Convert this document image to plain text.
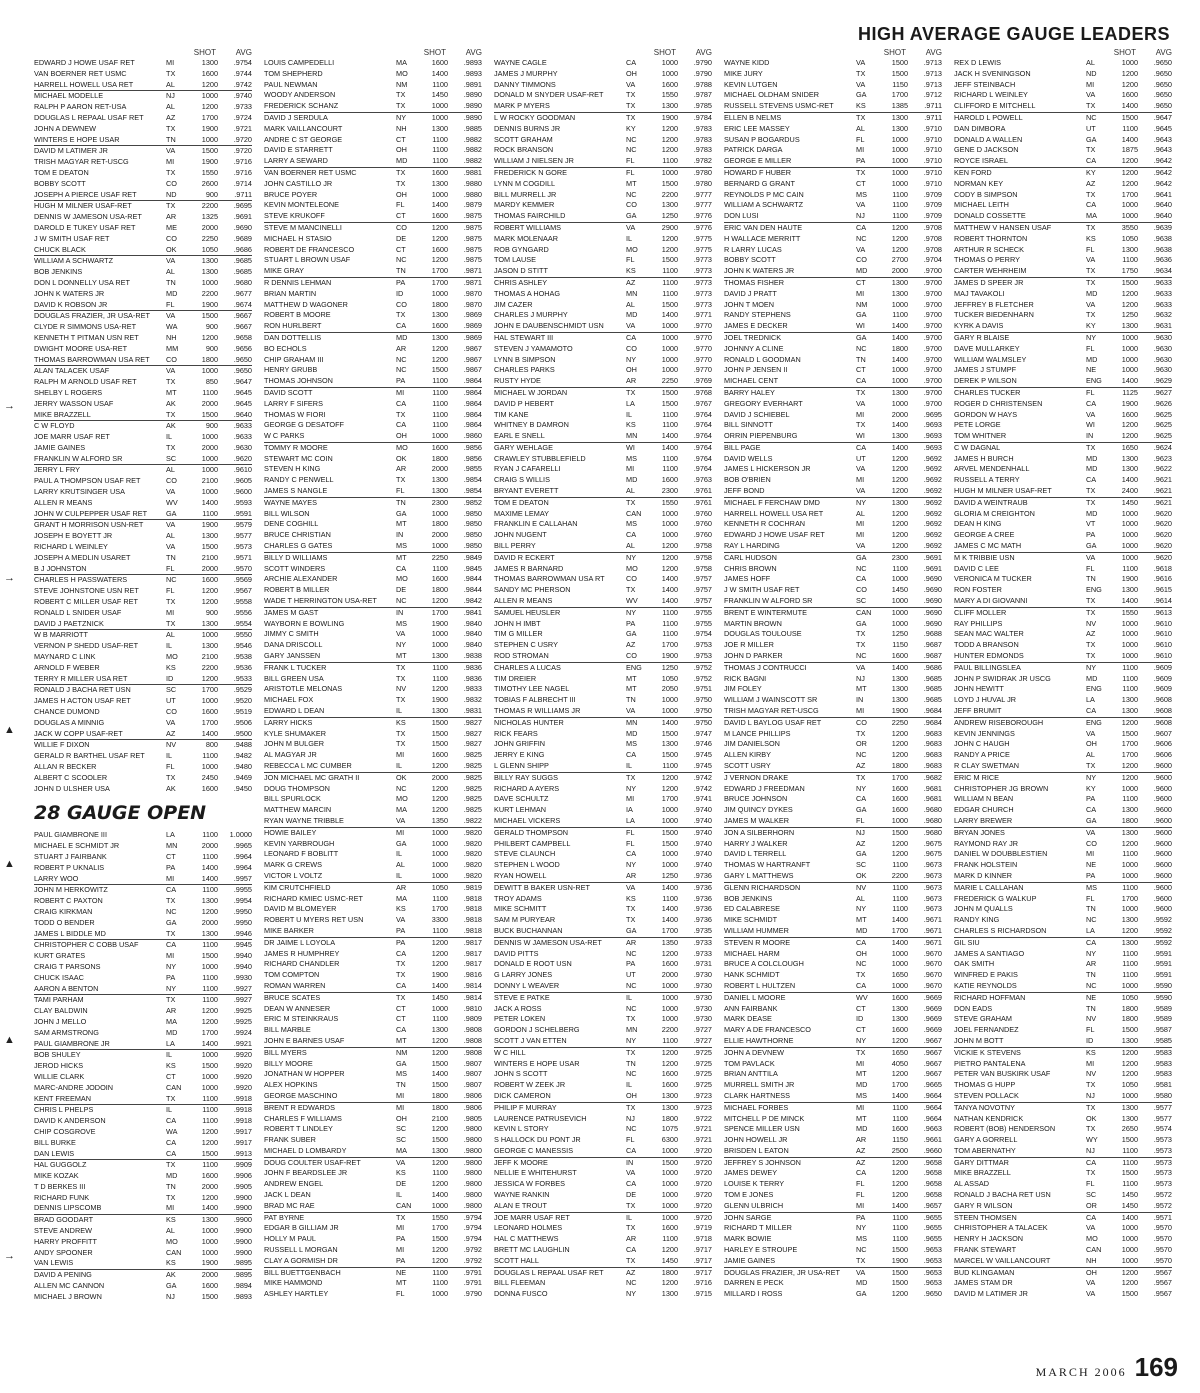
HIGH AVERAGE GAUGE LEADERS
→
→
▲
▲
▲
→
SHOT	AVG
EDWARD J HOWE USAF RET	MI	1300	.9754
VAN BOERNER RET USMC	TX	1600	.9744
HARRELL HOWELL USA RET	AL	1200	.9742
MICHAEL MODELLE	NJ	1000	.9740
RALPH P AARON RET-USA	AL	1200	.9733
DOUGLAS L REPAAL USAF RET	AZ	1700	.9724
JOHN A DEWNEW	TX	1900	.9721
WINTERS E HOPE USAR	TN	1000	.9720
DAVID M LATIMER JR	VA	1500	.9720
TRISH MAGYAR RET-USCG	MI	1900	.9716
TOM E DEATON	TX	1550	.9716
BOBBY SCOTT	CO	2600	.9714
JOSEPH A PIERCE USAF RET	ND	900	.9711
HUGH M MILNER USAF-RET	TX	2200	.9695
DENNIS W JAMESON USA-RET	AR	1325	.9691
DAROLD E TUKEY USAF RET	ME	2000	.9690
J W SMITH USAF RET	CO	2250	.9689
CHUCK BLACK	OK	1050	.9686
WILLIAM A SCHWARTZ	VA	1300	.9685
BOB JENKINS	AL	1300	.9685
DON L DONNELLY USA RET	TN	1000	.9680
JOHN K WATERS JR	MD	2200	.9677
DAVID K ROBSON JR	FL	1900	.9674
DOUGLAS FRAZIER, JR USA-RET	VA	1500	.9667
CLYDE R SIMMONS USA-RET	WA	900	.9667
KENNETH T PITMAN USN RET	NH	1200	.9658
DWIGHT MOORE USA-RET	MM	900	.9656
THOMAS BARROWMAN USA RET	CO	1800	.9650
ALAN TALACEK USAF	VA	1000	.9650
RALPH M ARNOLD USAF RET	TX	850	.9647
SHELBY L ROGERS	MT	1100	.9645
JERRY WASSON USAF	AK	2000	.9645
MIKE BRAZZELL	TX	1500	.9640
C W FLOYD	AK	900	.9633
JOE MARR USAF RET	IL	1000	.9633
JAMIE GAINES	TX	2000	.9630
FRANKLIN W ALFORD SR	SC	1000	.9620
JERRY L FRY	AL	1000	.9610
PAUL A THOMPSON USAF RET	CO	2100	.9605
LARRY KRUTSINGER USA	VA	1000	.9600
ALLEN R MEANS	WV	1400	.9593
JOHN W CULPEPPER USAF RET	GA	1100	.9591
GRANT H MORRISON USN-RET	VA	1900	.9579
JOSEPH E BOYETT JR	AL	1300	.9577
RICHARD L WEINLEY	VA	1500	.9573
JOSEPH A MEDLIN USARET	TN	2100	.9571
B J JOHNSTON	FL	2000	.9570
CHARLES H PASSWATERS	NC	1600	.9569
STEVE JOHNSTONE USN RET	FL	1200	.9567
ROBERT C MILLER USAF RET	TX	1200	.9558
RONALD L SNIDER USAF	MI	900	.9556
DAVID J PAETZNICK	TX	1300	.9554
W B MARRIOTT	AL	1000	.9550
VERNON P SHEDD USAF-RET	IL	1300	.9546
MAYNARD C LINK	MO	2100	.9538
ARNOLD F WEBER	KS	2200	.9536
TERRY R MILLER USA RET	ID	1200	.9533
RONALD J BACHA RET USN	SC	1700	.9529
JAMES H ACTON USAF RET	UT	1000	.9520
CHANCE DUMOND	CO	1600	.9519
DOUGLAS A MINNIG	VA	1700	.9506
JACK W COPP USAF-RET	AZ	1400	.9500
WILLIE F DIXON	NV	800	.9488
GERALD R BARTHEL USAF RET	IL	1100	.9482
ALLAN R BECKER	FL	1000	.9480
ALBERT C SCOOLER	TX	2450	.9469
JOHN D ULSHER USA	AK	1600	.9450
28 GAUGE OPEN
PAUL GIAMBRONE III	LA	1100	1.0000
MICHAEL E SCHMIDT JR	MN	2000	.9965
STUART J FAIRBANK	CT	1100	.9964
ROBERT P UKNALIS	PA	1400	.9964
LARRY WOO	MI	1400	.9957
JOHN M HERKOWITZ	CA	1100	.9955
ROBERT C PAXTON	TX	1300	.9954
CRAIG KIRKMAN	NC	1200	.9950
TODD O BENDER	GA	2000	.9950
JAMES L BIDDLE MD	TX	1300	.9946
CHRISTOPHER C COBB USAF	CA	1100	.9945
KURT GRATES	MI	1500	.9940
CRAIG T PARSONS	NY	1000	.9940
CHUCK ISAAC	PA	1100	.9930
AARON A BENTON	NY	1100	.9927
TAMI PARHAM	TX	1100	.9927
CLAY BALDWIN	AR	1200	.9925
JOHN J MELLO	MA	1200	.9925
SAM ARMSTRONG	MD	1700	.9924
PAUL GIAMBRONE JR	LA	1400	.9921
BOB SHULEY	IL	1000	.9920
JEROD HICKS	KS	1500	.9920
WILLIE CLARK	CT	1000	.9920
MARC-ANDRE JODOIN	CAN	1000	.9920
KENT FREEMAN	TX	1100	.9918
CHRIS L PHELPS	IL	1100	.9918
DAVID K ANDERSON	CA	1100	.9918
CHIP COSGROVE	WA	1200	.9917
BILL BURKE	CA	1200	.9917
DAN LEWIS	CA	1500	.9913
HAL GUGGOLZ	TX	1100	.9909
MIKE KOZAK	MD	1600	.9906
T D BERKES III	TN	2000	.9905
RICHARD FUNK	TX	1200	.9900
DENNIS LIPSCOMB	MI	1400	.9900
BRAD GOODART	KS	1300	.9900
STEVE ANDREW	AL	1000	.9900
HARRY PROFFITT	MO	1000	.9900
ANDY SPOONER	CAN	1000	.9900
VAN LEWIS	KS	1900	.9895
DAVID A PENING	AK	2000	.9895
ALLEN MC CANNON	GA	1600	.9894
MICHAEL J BROWN	NJ	1500	.9893
SHOT	AVG
LOUIS CAMPEDELLI	MA	1600	.9893
TOM SHEPHERD	MO	1400	.9893
PAUL NEWMAN	NM	1100	.9891
WOODY ANDERSON	TX	1450	.9890
FREDERICK SCHANZ	TX	1000	.9890
DAVID J SERDULA	NY	1000	.9890
MARK VAILLANCOURT	NH	1300	.9885
ANDRE C ST GEORGE	CT	1100	.9882
DAVID E STARRETT	OH	1100	.9882
LARRY A SEWARD	MD	1100	.9882
VAN BOERNER RET USMC	TX	1600	.9881
JOHN CASTILLO JR	TX	1300	.9880
BRUCE POYER	OH	1000	.9880
KEVIN MONTELEONE	FL	1400	.9879
STEVE KRUKOFF	CT	1600	.9875
STEVE M MANCINELLI	CO	1200	.9875
MICHAEL H STASIO	DE	1200	.9875
ROBERT DE FRANCESCO	CT	1600	.9875
STUART L BROWN USAF	NC	1200	.9875
MIKE GRAY	TN	1700	.9871
R DENNIS LEHMAN	PA	1700	.9871
BRIAN MARTIN	ID	1000	.9870
MATTHEW D WAGONER	CO	1800	.9870
ROBERT B MOORE	TX	1300	.9869
RON HURLBERT	CA	1600	.9869
DAN DOTTELLIS	MD	1300	.9869
BO ECHOLS	AR	1200	.9867
CHIP GRAHAM III	NC	1200	.9867
HENRY GRUBB	NC	1500	.9867
THOMAS JOHNSON	PA	1100	.9864
DAVID SCOTT	MI	1100	.9864
LARRY F SIFERS	CA	1100	.9864
THOMAS W FIORI	TX	1100	.9864
GEORGE G DESATOFF	CA	1100	.9864
W C PARKS	OH	1000	.9860
TOMMY R MOORE	MO	1600	.9856
STEWART MC COIN	OK	1800	.9856
STEVEN H KING	AR	2000	.9855
RANDY C PENWELL	TX	1300	.9854
JAMES S NANGLE	FL	1300	.9854
WAYNE MAYES	TN	2300	.9852
BILL WILSON	GA	1000	.9850
DENE COGHILL	MT	1800	.9850
BRUCE CHRISTIAN	IN	2000	.9850
CHARLES G GATES	MS	1000	.9850
BILLY D WILLIAMS	MT	2250	.9849
SCOTT WINDERS	CA	1100	.9845
ARCHIE ALEXANDER	MO	1600	.9844
ROBERT B MILLER	DE	1800	.9844
WADE T HERRINGTON USA-RET	NC	1200	.9842
JAMES M GAST	IN	1700	.9841
WAYBORN E BOWLING	MS	1900	.9840
JIMMY C SMITH	VA	1000	.9840
DANA DRISCOLL	NY	1000	.9840
GARY JANSSEN	MT	1300	.9838
FRANK L TUCKER	TX	1100	.9836
BILL GREEN USA	TX	1100	.9836
ARISTOTLE MELONAS	NV	1200	.9833
MICHAEL FOX	TX	1900	.9832
EDWARD L DEAN	IL	1300	.9831
LARRY HICKS	KS	1500	.9827
KYLE SHUMAKER	TX	1500	.9827
JOHN M BULGER	TX	1500	.9827
AL MAGYAR JR	MI	1600	.9825
REBECCA L MC CUMBER	IL	1200	.9825
JON MICHAEL MC GRATH II	OK	2000	.9825
DOUG THOMPSON	NC	1200	.9825
BILL SPURLOCK	MO	1200	.9825
MATTHEW MARCIN	MA	1200	.9825
RYAN WAYNE TRIBBLE	VA	1350	.9822
HOWIE BAILEY	MI	1000	.9820
KEVIN YARBROUGH	GA	1000	.9820
LEONARD F BOBLITT	IL	1000	.9820
MARK G CREWS	AL	1000	.9820
VICTOR L VOLTZ	IL	1000	.9820
KIM CRUTCHFIELD	AR	1050	.9819
RICHARD KMIEC USMC-RET	MA	1100	.9818
DAVID M BLOMEYER	KS	1700	.9818
ROBERT U MYERS RET USN	VA	3300	.9818
MIKE BARKER	PA	1100	.9818
DR JAIME L LOYOLA	PA	1200	.9817
JAMES R HUMPHREY	CA	1200	.9817
RICHARD CHANDLER	TX	1200	.9817
TOM COMPTON	TX	1900	.9816
ROMAN WARREN	CA	1400	.9814
BRUCE SCATES	TX	1450	.9814
DEAN W ANNESER	CT	1000	.9810
ERIC M STEINKRAUS	CT	1100	.9809
BILL MARBLE	CA	1300	.9808
JOHN E BARNES USAF	MT	1200	.9808
BILL MYERS	NM	1200	.9808
BILLY MOORE	GA	1500	.9807
JONATHAN W HOPPER	MS	1400	.9807
ALEX HOPKINS	TN	1500	.9807
GEORGE MASCHINO	MI	1800	.9806
BRENT R EDWARDS	MI	1800	.9806
CHARLES F WILLIAMS	OH	2100	.9805
ROBERT T LINDLEY	SC	1200	.9800
FRANK SUBER	SC	1500	.9800
MICHAEL D LOMBARDY	MA	1300	.9800
DOUG COULTER USAF-RET	VA	1200	.9800
JOHN F BEARDSLEE JR	KS	1100	.9800
ANDREW ENGEL	DE	1200	.9800
JACK L DEAN	IL	1400	.9800
BRAD MC RAE	CAN	1000	.9800
PAT BYRNE	TX	1550	.9794
EDGAR B GILLIAM JR	MI	1700	.9794
HOLLY M PAUL	PA	1500	.9794
RUSSELL L MORGAN	MI	1200	.9792
CLAY A GORMISH DR	PA	1200	.9792
BILL BUETTGENBACH	NE	1100	.9791
MIKE HAMMOND	MT	1100	.9791
ASHLEY HARTLEY	FL	1000	.9790
SHOT	AVG
WAYNE CAGLE	CA	1000	.9790
JAMES J MURPHY	OH	1000	.9790
DANNY TIMMONS	VA	1600	.9788
DONALD M SNYDER USAF-RET	TX	1550	.9787
MARK P MYERS	TX	1300	.9785
L W ROCKY GOODMAN	TX	1900	.9784
DENNIS BURNS JR	KY	1200	.9783
SCOTT GRAHAM	NC	1200	.9783
ROCK BRANSON	NC	1200	.9783
WILLIAM J NIELSEN JR	FL	1100	.9782
FREDERICK N GORE	FL	1000	.9780
LYNN M COGDILL	MT	1500	.9780
BILL MURRELL JR	NC	2200	.9777
MARDY KEMMER	CO	1300	.9777
THOMAS FAIRCHILD	GA	1250	.9776
ROBERT WILLIAMS	VA	2900	.9776
MARK MOLENAAR	IL	1200	.9775
ROB GYNGARD	MO	1200	.9775
TOM LAUSE	FL	1500	.9773
JASON D STITT	KS	1100	.9773
CHRIS ASHLEY	AZ	1100	.9773
THOMAS A HOHAG	MN	1100	.9773
JIM CAZER	AL	1500	.9773
CHARLES J MURPHY	MD	1400	.9771
JOHN E DAUBENSCHMIDT USN	VA	1000	.9770
HAL STEWART III	CA	1000	.9770
STEVEN J YAMAMOTO	CO	1000	.9770
LYNN B SIMPSON	NY	1000	.9770
CHARLES PARKS	OH	1000	.9770
RUSTY HYDE	AR	2250	.9769
MICHAEL W JORDAN	TX	1500	.9768
DAVID P HEBERT	LA	1500	.9767
TIM KANE	IL	1100	.9764
WHITNEY B DAMRON	KS	1100	.9764
EARL E SNELL	MN	1400	.9764
GARY WEHLAGE	WI	1400	.9764
CRAWLEY STUBBLEFIELD	MS	1100	.9764
RYAN J CAFARELLI	MI	1100	.9764
CRAIG S WILLIS	MD	1600	.9763
BRYANT EVERETT	AL	2300	.9761
TOM E DEATON	TX	1550	.9761
MAXIME LEMAY	CAN	1000	.9760
FRANKLIN E CALLAHAN	MS	1000	.9760
JOHN NUGENT	CA	1000	.9760
BILL PERRY	AL	1200	.9758
DAVID R ECKERT	NY	1200	.9758
JAMES R BARNARD	MO	1200	.9758
THOMAS BARROWMAN USA RT	CO	1400	.9757
SANDY MC PHERSON	TX	1400	.9757
ALLEN R MEANS	WV	1400	.9757
SAMUEL HEUSLER	NY	1100	.9755
JOHN H IMBT	PA	1100	.9755
TIM G MILLER	GA	1100	.9754
STEPHEN C USRY	AZ	1700	.9753
ROD STROMAN	CO	1900	.9753
CHARLES A LUCAS	ENG	1250	.9752
TIM DREIER	MT	1050	.9752
TIMOTHY LEE NAGEL	MT	2050	.9751
TOBIAS F ALBRECHT III	TN	1000	.9750
THOMAS R WILLIAMS JR	VA	1000	.9750
NICHOLAS HUNTER	MN	1400	.9750
RICK FEARS	MD	1500	.9747
JOHN GRIFFIN	MS	1300	.9746
JERRY E KING	CA	1500	.9745
L GLENN SHIPP	IL	1100	.9745
BILLY RAY SUGGS	TX	1200	.9742
RICHARD A AYERS	NY	1200	.9742
DAVE SCHULTZ	MI	1700	.9741
KURT LEHMAN	IA	1000	.9740
MICHAEL VICKERS	LA	1000	.9740
GERALD THOMPSON	FL	1500	.9740
PHILBERT CAMPBELL	FL	1500	.9740
STEVE CLAUNCH	CA	1000	.9740
STEPHEN L WOOD	NY	1000	.9740
RYAN HOWELL	AR	1250	.9736
DEWITT B BAKER USN-RET	VA	1400	.9736
TROY ADAMS	KS	1100	.9736
MIKE SCHMITT	TX	1400	.9736
SAM M PURYEAR	TX	1400	.9736
BUCK BUCHANNAN	GA	1700	.9735
DENNIS W JAMESON USA-RET	AR	1350	.9733
DAVID PITTS	NC	1200	.9733
DONALD E ROOT USN	PA	1600	.9731
G LARRY JONES	UT	2000	.9730
DONNY L WEAVER	NC	1000	.9730
STEVE E PATKE	IL	1000	.9730
JACK A ROSS	NC	1000	.9730
PETER LOKEN	TX	1000	.9730
GORDON J SCHELBERG	MN	2200	.9727
SCOTT J VAN ETTEN	NY	1100	.9727
W C HILL	TX	1200	.9725
WINTERS E HOPE USAR	TN	1200	.9725
JOHN S SCOTT	NC	1600	.9725
ROBERT W ZEEK JR	IL	1600	.9725
DICK CAMERON	OH	1300	.9723
PHILIP F MURRAY	TX	1300	.9723
LAURENCE PATRUSEVICH	NJ	1800	.9722
KEVIN L STORY	NC	1075	.9721
S HALLOCK DU PONT JR	FL	6300	.9721
GEORGE C MANESSIS	CA	1000	.9720
JEFF K MOORE	IN	1500	.9720
NELLIE E WHITEHURST	VA	1000	.9720
JESSICA W FORBES	CA	1000	.9720
WAYNE RANKIN	DE	1000	.9720
ALAN E TROUT	TX	1000	.9720
JOE MARR USAF RET	IL	1000	.9720
LEONARD HOLMES	TX	1600	.9719
HAL C MATTHEWS	AR	1100	.9718
BRETT MC LAUGHLIN	CA	1200	.9717
SCOTT HALL	TX	1450	.9717
DOUGLAS L REPAAL USAF RET	AZ	1800	.9717
BILL FLEEMAN	NC	1200	.9716
DONNA FUSCO	NY	1300	.9715
SHOT	AVG
WAYNE KIDD	VA	1500	.9713
MIKE JURY	TX	1500	.9713
KEVIN LUTGEN	VA	1150	.9713
MICHAEL OLDHAM SNIDER	GA	1700	.9712
RUSSELL STEVENS USMC-RET	KS	1385	.9711
ELLEN B NELMS	TX	1300	.9711
ERIC LEE MASSEY	AL	1300	.9710
SUSAN P BOGARDUS	FL	1000	.9710
PATRICK DARGA	MI	1000	.9710
GEORGE E MILLER	PA	1000	.9710
HOWARD F HUBER	TX	1000	.9710
BERNARD G GRANT	CT	1000	.9710
REYNOLDS P MC CAIN	MS	1100	.9709
WILLIAM A SCHWARTZ	VA	1100	.9709
DON LUSI	NJ	1100	.9709
ERIC VAN DEN HAUTE	CA	1200	.9708
H WALLACE MERRITT	NC	1200	.9708
R LARRY LUCAS	VA	1200	.9708
BOBBY SCOTT	CO	2700	.9704
JOHN K WATERS JR	MD	2000	.9700
THOMAS FISHER	CT	1300	.9700
DAVID J PRATT	MI	1300	.9700
JOHN T MOEN	NM	1000	.9700
RANDY STEPHENS	GA	1100	.9700
JAMES E DECKER	WI	1400	.9700
JOEL TREDNICK	GA	1400	.9700
JOHNNY A CLINE	NC	1800	.9700
RONALD L GOODMAN	TN	1400	.9700
JOHN P JENSEN II	CT	1000	.9700
MICHAEL CENT	CA	1000	.9700
BARRY HALEY	TX	1300	.9700
GREGORY EVERHART	VA	1000	.9700
DAVID J SCHIEBEL	MI	2000	.9695
BILL SINNOTT	TX	1400	.9693
ORRIN PIEPENBURG	WI	1300	.9693
BILL PAGE	CA	1400	.9693
DAVID WELLS	UT	1200	.9692
JAMES L HICKERSON JR	VA	1200	.9692
BOB O'BRIEN	MI	1200	.9692
JEFF BOND	VA	1200	.9692
MICHAEL F FERCHAW DMD	NY	1300	.9692
HARRELL HOWELL USA RET	AL	1200	.9692
KENNETH R COCHRAN	MI	1200	.9692
EDWARD J HOWE USAF RET	MI	1200	.9692
RAY L HARDING	VA	1200	.9692
CARL HUDSON	GA	2300	.9691
CHRIS BROWN	NC	1100	.9691
JAMES HOFF	CA	1000	.9690
J W SMITH USAF RET	CO	1450	.9690
FRANKLIN W ALFORD SR	SC	1000	.9690
BRENT E WINTERMUTE	CAN	1000	.9690
MARTIN BROWN	GA	1000	.9690
DOUGLAS TOULOUSE	TX	1250	.9688
JOE R MILLER	TX	1150	.9687
JOHN D PARKER	NC	1600	.9687
THOMAS J CONTRUCCI	VA	1400	.9686
RICK BAGNI	NJ	1300	.9685
JIM FOLEY	MT	1300	.9685
WILLIAM J WAINSCOTT SR	IN	1300	.9685
TRISH MAGYAR RET-USCG	MI	1900	.9684
DAVID L BAYLOG USAF RET	CO	2250	.9684
M LANCE PHILLIPS	TX	1200	.9683
JIM DANIELSON	OR	1200	.9683
ALLEN KIRBY	NC	1200	.9683
SCOTT USRY	AZ	1800	.9683
J VERNON DRAKE	TX	1700	.9682
EDWARD J FREEDMAN	NY	1600	.9681
BRUCE JOHNSON	CA	1600	.9681
JIM QUINCY DYKES	GA	1600	.9680
JAMES M WALKER	FL	1000	.9680
JON A SILBERHORN	NJ	1500	.9680
HARRY J WALKER	AZ	1200	.9675
DAVID L TERRELL	GA	1200	.9675
THOMAS W HARTRANFT	SC	1100	.9673
GARY L MATTHEWS	OK	2200	.9673
GLENN RICHARDSON	NV	1100	.9673
BOB JENKINS	AL	1100	.9673
ED CALABRESE	NY	1100	.9673
MIKE SCHMIDT	MT	1400	.9671
WILLIAM HUMMER	MD	1700	.9671
STEVEN R MOORE	CA	1400	.9671
MICHAEL HARM	OH	1000	.9670
BRUCE A COLCLOUGH	NC	1000	.9670
HANK SCHMIDT	TX	1650	.9670
ROBERT L HULTZEN	CA	1000	.9670
DANIEL L MOORE	WV	1600	.9669
ANN FAIRBANK	CT	1300	.9669
MARK DEASE	ID	1300	.9669
MARY A DE FRANCESCO	CT	1600	.9669
ELLIE HAWTHORNE	NY	1200	.9667
JOHN A DEVNEW	TX	1650	.9667
TOM PAVLACK	MI	4050	.9667
BRIAN ANTTILA	MT	1200	.9667
MURRELL SMITH JR	MD	1700	.9665
CLARK HARTNESS	MS	1400	.9664
MICHAEL FORBES	MI	1100	.9664
MITCHELL P DE MINCK	MT	1100	.9664
SPENCE MILLER USN	MD	1600	.9663
JOHN HOWELL JR	AR	1150	.9661
BRISDEN L EATON	AZ	2500	.9660
JEFFREY S JOHNSON	AZ	1200	.9658
JAMES DEWEY	CA	1200	.9658
LOUISE K TERRY	FL	1200	.9658
TOM E JONES	FL	1200	.9658
GLENN ULBRICH	MI	1400	.9657
JOHN SARGE	PA	1100	.9655
RICHARD T MILLER	NY	1100	.9655
MARK BOWIE	MS	1100	.9655
HARLEY E STROUPE	NC	1500	.9653
JAMIE GAINES	TX	1900	.9653
DOUGLAS FRAZIER, JR USA-RET	VA	1500	.9653
DARREN E PECK	MD	1500	.9653
MILLARD I ROSS	GA	1200	.9650
SHOT	AVG
REX D LEWIS	AL	1000	.9650
JACK H SVENINGSON	ND	1200	.9650
JEFF STEINBACH	MI	1200	.9650
RICHARD L WEINLEY	VA	1600	.9650
CLIFFORD E MITCHELL	TX	1400	.9650
HAROLD L POWELL	NC	1500	.9647
DAN DIMBORA	UT	1100	.9645
DONALD A WALLEN	GA	1400	.9643
GENE D JACKSON	TX	1875	.9643
ROYCE ISRAEL	CA	1200	.9642
KEN FORD	KY	1200	.9642
NORMAN KEY	AZ	1200	.9642
CODY B SIMPSON	TX	1700	.9641
MICHAEL LEITH	CA	1000	.9640
DONALD COSSETTE	MA	1000	.9640
MATTHEW V HANSEN USAF	TX	3550	.9639
ROBERT THORNTON	KS	1050	.9638
ARTHUR R SCHECK	FL	1300	.9638
THOMAS O PERRY	VA	1100	.9636
CARTER WEHRHEIM	TX	1750	.9634
JAMES D SPEER JR	TX	1500	.9633
MAJ TAVAKOLI	MD	1200	.9633
JEFFREY B FLETCHER	VA	1200	.9633
TUCKER BIEDENHARN	TX	1250	.9632
KYRK A DAVIS	KY	1300	.9631
GARY R BLAISE	NY	1000	.9630
DAVE MULLARKEY	FL	1000	.9630
WILLIAM WALMSLEY	MD	1000	.9630
JAMES J STUMPF	NE	1000	.9630
DEREK P WILSON	ENG	1400	.9629
CHARLES TUCKER	FL	1125	.9627
ROGER D CHRISTENSEN	CA	1900	.9626
GORDON W HAYS	VA	1600	.9625
PETE LORGE	WI	1200	.9625
TOM WHITNER	IN	1200	.9625
C W DAGNAL	TX	1650	.9624
JAMES H BURCH	MD	1300	.9623
ARVEL MENDENHALL	MD	1300	.9622
RUSSELL A TERRY	CA	1400	.9621
HUGH M MILNER USAF-RET	TX	2400	.9621
DAVID A WEINTRAUB	TX	1450	.9621
GLORIA M CREIGHTON	MD	1000	.9620
DEAN H KING	VT	1000	.9620
GEORGE A CREE	PA	1000	.9620
JAMES C MC MATH	GA	1000	.9620
M K TRIBBIE USN	VA	1000	.9620
DAVID C LEE	FL	1100	.9618
VERONICA M TUCKER	TN	1900	.9616
RON FOSTER	ENG	1300	.9615
MARY A DI GIOVANNI	TX	1400	.9614
CLIFF MOLLER	TX	1550	.9613
RAY PHILLIPS	NV	1000	.9610
SEAN MAC WALTER	AZ	1000	.9610
TODD A BRANSON	TX	1000	.9610
HUNTER EDMONDS	TX	1000	.9610
PAUL BILLINGSLEA	NY	1100	.9609
JOHN P SWIDRAK JR USCG	MD	1100	.9609
JOHN HEWITT	ENG	1100	.9609
LOYD J HUVAL JR	LA	1300	.9608
JEFF BRUMIT	CA	1300	.9608
ANDREW RISEBOROUGH	ENG	1200	.9608
KEVIN JENNINGS	VA	1500	.9607
JOHN C HAUGH	OH	1700	.9606
RANDY A PRICE	AL	1700	.9606
R CLAY SWETMAN	TX	1200	.9600
ERIC M RICE	NY	1200	.9600
CHRISTOPHER JG BROWN	KY	1000	.9600
WILLIAM N BEAN	PA	1100	.9600
EDGAR CHURCH	CA	1300	.9600
LARRY BREWER	GA	1800	.9600
BRYAN JONES	VA	1300	.9600
RAYMOND RAY JR	CO	1200	.9600
DANIEL W DOUBBLESTIEN	MI	1100	.9600
FRANK HOLSTEIN	NE	1000	.9600
MARK D KINNER	PA	1000	.9600
MARIE L CALLAHAN	MS	1100	.9600
FREDERICK G WALKUP	FL	1700	.9600
JOHN M QUALLS	TN	1000	.9600
RANDY KING	NC	1300	.9592
CHARLES S RICHARDSON	LA	1200	.9592
GIL SIU	CA	1300	.9592
JAMES A SANTIAGO	NY	1100	.9591
OAK SMITH	AR	1100	.9591
WINFRED E PAKIS	TN	1100	.9591
KATIE REYNOLDS	NC	1000	.9590
RICHARD HOFFMAN	NE	1050	.9590
DON EADS	TN	1800	.9589
STEVE GRAHAM	NV	1800	.9589
JOEL FERNANDEZ	FL	1500	.9587
JOHN M BOTT	ID	1300	.9585
VICKIE K STEVENS	KS	1200	.9583
PIETRO PANTALENA	MI	1200	.9583
PETER VAN BUSKIRK USAF	NV	1200	.9583
THOMAS G HUPP	TX	1050	.9581
STEVEN POLLACK	NJ	1000	.9580
TANYA NOVOTNY	TX	1300	.9577
NATHAN KENDRICK	OK	1300	.9577
ROBERT (BOB) HENDERSON	TX	2650	.9574
GARY A GORRELL	WY	1500	.9573
TOM ABERNATHY	NJ	1100	.9573
GARY DITTMAR	CA	1100	.9573
MIKE BRAZZELL	TX	1500	.9573
AL ASSAD	FL	1100	.9573
RONALD J BACHA RET USN	SC	1450	.9572
GARY R WILSON	OR	1450	.9572
STEEN THOMSEN	CA	1400	.9571
CHRISTOPHER A TALACEK	VA	1000	.9570
HENRY H JACKSON	MO	1000	.9570
FRANK STEWART	CAN	1000	.9570
MARCEL W VAILLANCOURT	NH	1000	.9570
BUD KLINGAMAN	OH	1200	.9567
JAMES STAM DR	VA	1200	.9567
DAVID M LATIMER JR	VA	1500	.9567
MARCH 2006 169
